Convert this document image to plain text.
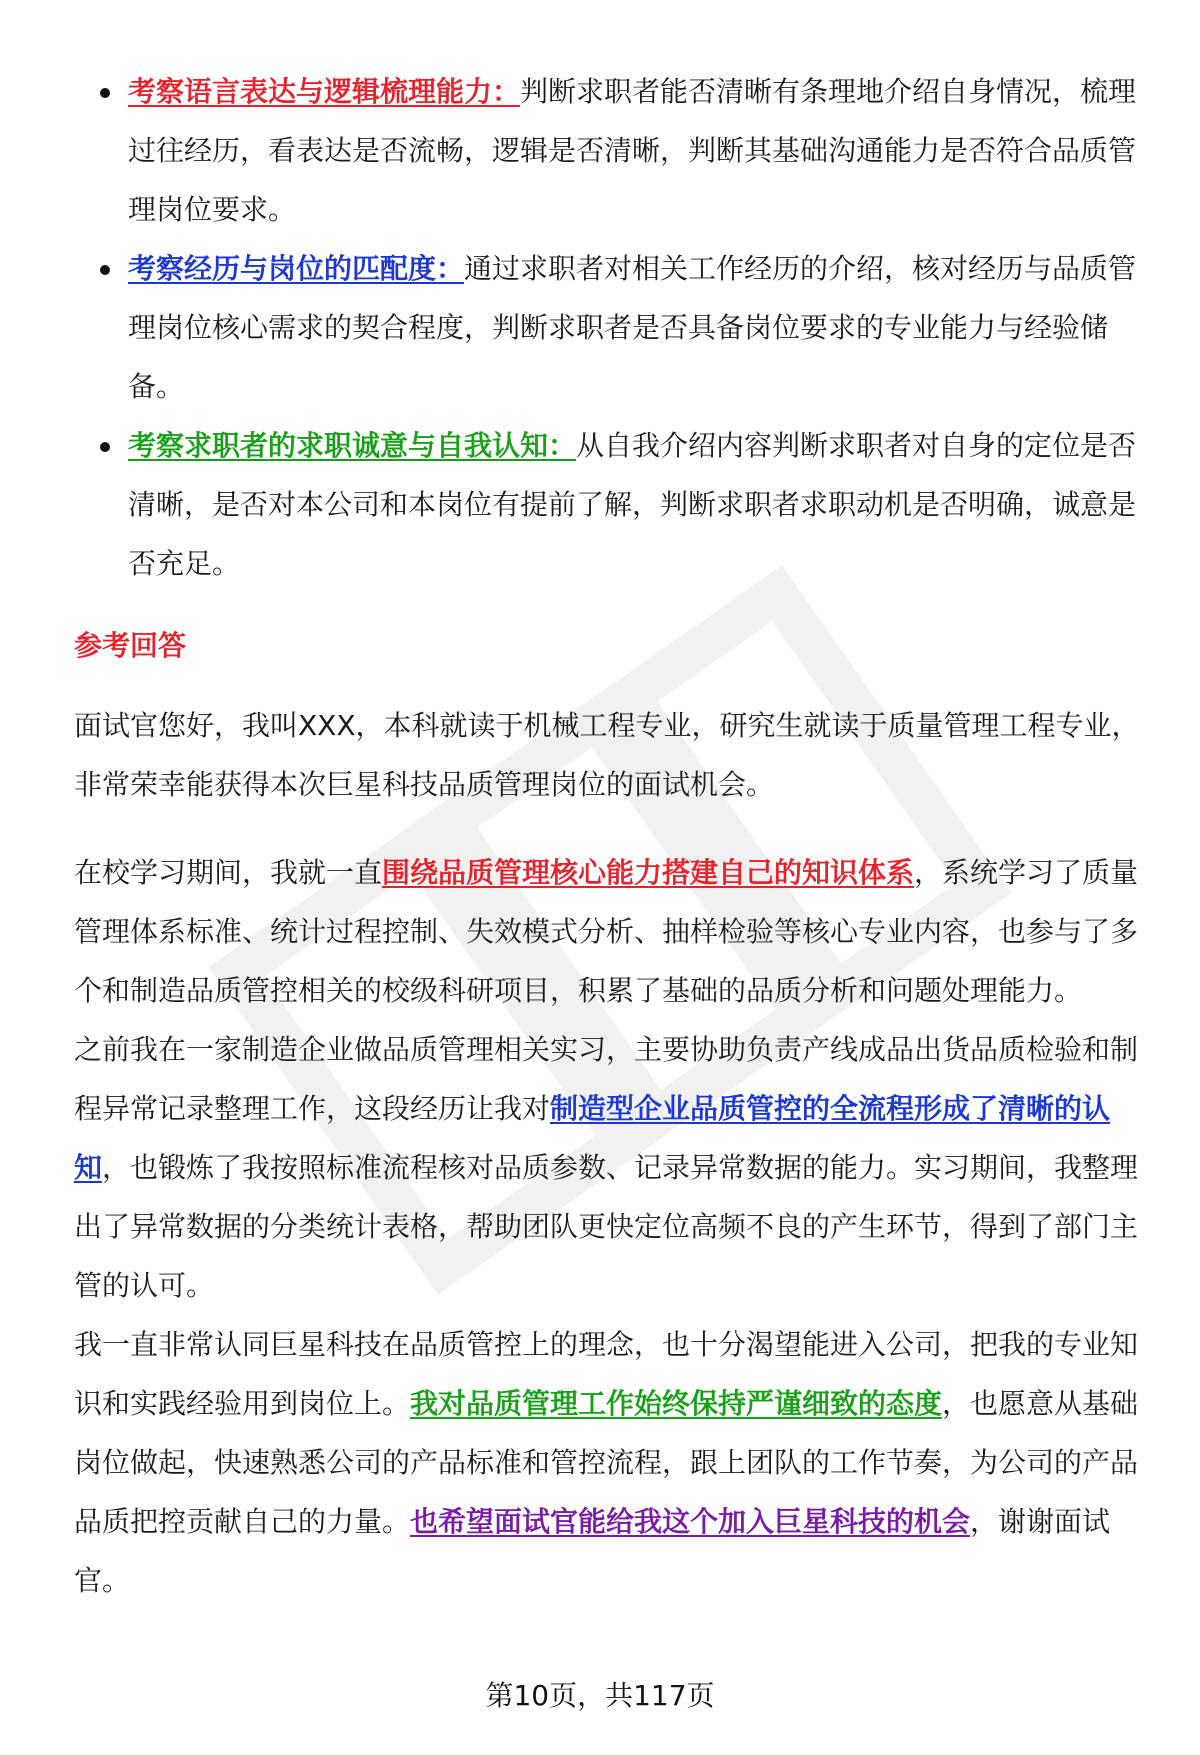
考察语言表达与逻辑梳理能力：判断求职者能否清晰有条理地介绍自身情况，梳理过往经历，看表达是否流畅，逻辑是否清晰，判断其基础沟通能力是否符合品质管理岗位要求。
考察经历与岗位的匹配度：通过求职者对相关工作经历的介绍，核对经历与品质管理岗位核心需求的契合程度，判断求职者是否具备岗位要求的专业能力与经验储备。
考察求职者的求职诚意与自我认知：从自我介绍内容判断求职者对自身的定位是否清晰，是否对本公司和本岗位有提前了解，判断求职者求职动机是否明确，诚意是否充足。
参考回答

面试官您好，我叫XXX，本科就读于机械工程专业，研究生就读于质量管理工程专业，非常荣幸能获得本次巨星科技品质管理岗位的面试机会。

在校学习期间，我就一直围绕品质管理核心能力搭建自己的知识体系，系统学习了质量管理体系标准、统计过程控制、失效模式分析、抽样检验等核心专业内容，也参与了多个和制造品质管控相关的校级科研项目，积累了基础的品质分析和问题处理能力。

之前我在一家制造企业做品质管理相关实习，主要协助负责产线成品出货品质检验和制程异常记录整理工作，这段经历让我对制造型企业品质管控的全流程形成了清晰的认知，也锻炼了我按照标准流程核对品质参数、记录异常数据的能力。实习期间，我整理出了异常数据的分类统计表格，帮助团队更快定位高频不良的产生环节，得到了部门主管的认可。

我一直非常认同巨星科技在品质管控上的理念，也十分渴望能进入公司，把我的专业知识和实践经验用到岗位上。我对品质管理工作始终保持严谨细致的态度，也愿意从基础岗位做起，快速熟悉公司的产品标准和管控流程，跟上团队的工作节奏，为公司的产品品质把控贡献自己的力量。也希望面试官能给我这个加入巨星科技的机会，谢谢面试官。

第10页，共117页
